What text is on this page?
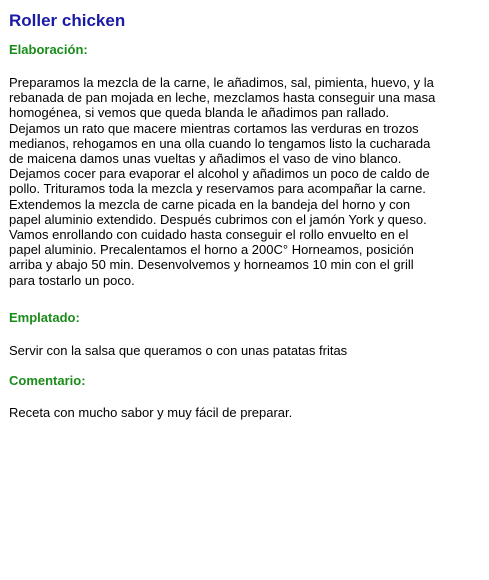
Roller chicken
Elaboración:
Preparamos la mezcla de la carne, le añadimos, sal, pimienta, huevo, y la
rebanada de pan mojada en leche, mezclamos hasta conseguir una masa
homogénea, si vemos que queda blanda le añadimos pan rallado.
Dejamos un rato que macere mientras cortamos las verduras en trozos
medianos, rehogamos en una olla cuando lo tengamos listo la cucharada
de maicena damos unas vueltas y añadimos el vaso de vino blanco.
Dejamos cocer para evaporar el alcohol y añadimos un poco de caldo de
pollo. Trituramos toda la mezcla y reservamos para acompañar la carne.
Extendemos la mezcla de carne picada en la bandeja del horno y con
papel aluminio extendido. Después cubrimos con el jamón York y queso.
Vamos enrollando con cuidado hasta conseguir el rollo envuelto en el
papel aluminio. Precalentamos el horno a 200C° Horneamos, posición
arriba y abajo 50 min. Desenvolvemos y horneamos 10 min con el grill
para tostarlo un poco.
Emplatado:

Servir con la salsa que queramos o con unas patatas fritas

Comentario:

Receta con mucho sabor y muy fácil de preparar.
